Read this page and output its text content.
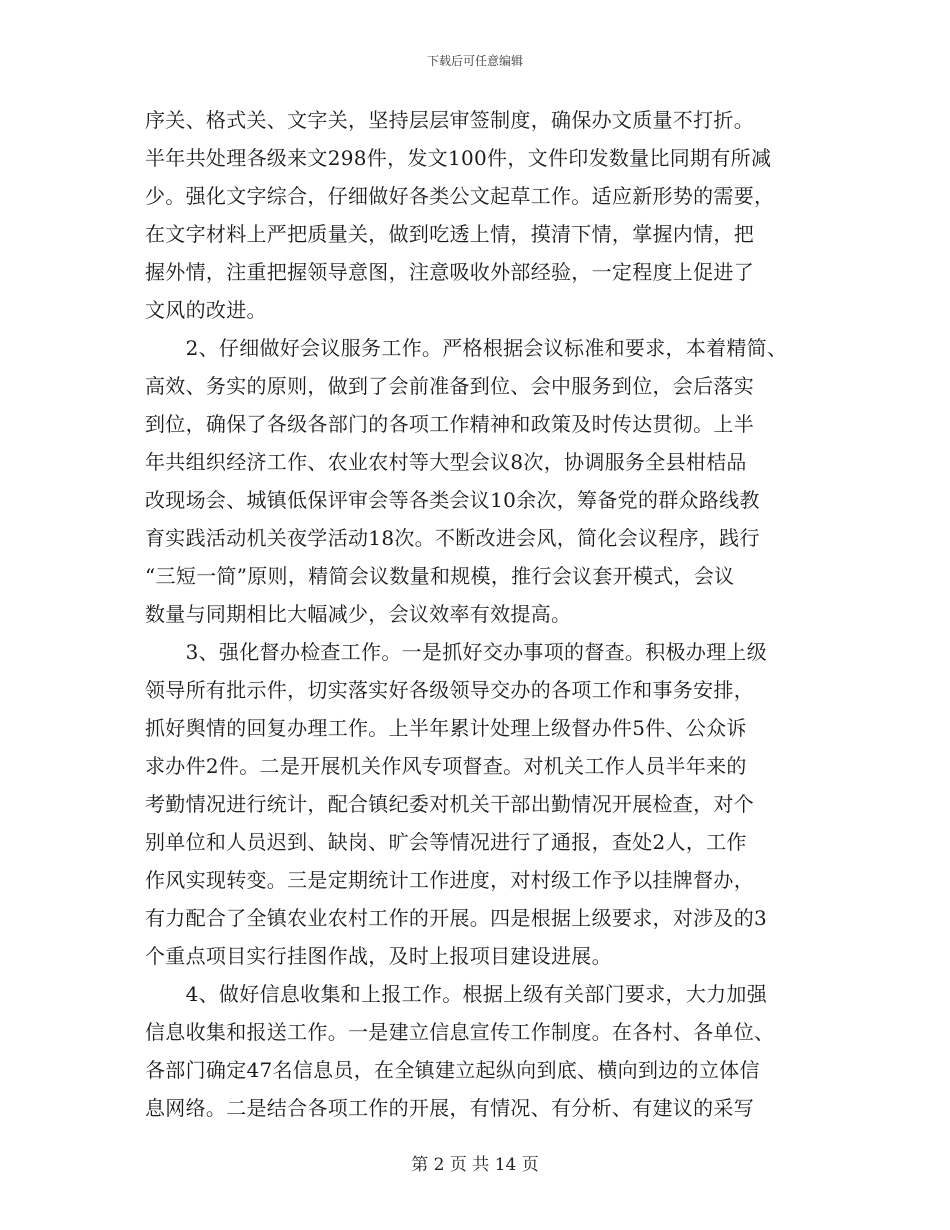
下载后可任意编辑
序关、格式关、文字关，坚持层层审签制度，确保办文质量不打折。
半年共处理各级来文298件，发文100件，文件印发数量比同期有所减
少。强化文字综合，仔细做好各类公文起草工作。适应新形势的需要，
在文字材料上严把质量关，做到吃透上情，摸清下情，掌握内情，把
握外情，注重把握领导意图，注意吸收外部经验，一定程度上促进了
文风的改进。
　　2、仔细做好会议服务工作。严格根据会议标准和要求，本着精简、
高效、务实的原则，做到了会前准备到位、会中服务到位，会后落实
到位，确保了各级各部门的各项工作精神和政策及时传达贯彻。上半
年共组织经济工作、农业农村等大型会议8次，协调服务全县柑桔品
改现场会、城镇低保评审会等各类会议10余次，筹备党的群众路线教
育实践活动机关夜学活动18次。不断改进会风，简化会议程序，践行
“三短一简”原则，精简会议数量和规模，推行会议套开模式，会议
数量与同期相比大幅减少，会议效率有效提高。
　　3、强化督办检查工作。一是抓好交办事项的督查。积极办理上级
领导所有批示件，切实落实好各级领导交办的各项工作和事务安排，
抓好舆情的回复办理工作。上半年累计处理上级督办件5件、公众诉
求办件2件。二是开展机关作风专项督查。对机关工作人员半年来的
考勤情况进行统计，配合镇纪委对机关干部出勤情况开展检查，对个
别单位和人员迟到、缺岗、旷会等情况进行了通报，查处2人，工作
作风实现转变。三是定期统计工作进度，对村级工作予以挂牌督办，
有力配合了全镇农业农村工作的开展。四是根据上级要求，对涉及的3
个重点项目实行挂图作战，及时上报项目建设进展。
　　4、做好信息收集和上报工作。根据上级有关部门要求，大力加强
信息收集和报送工作。一是建立信息宣传工作制度。在各村、各单位、
各部门确定47名信息员，在全镇建立起纵向到底、横向到边的立体信
息网络。二是结合各项工作的开展，有情况、有分析、有建议的采写
第 2 页 共 14 页
